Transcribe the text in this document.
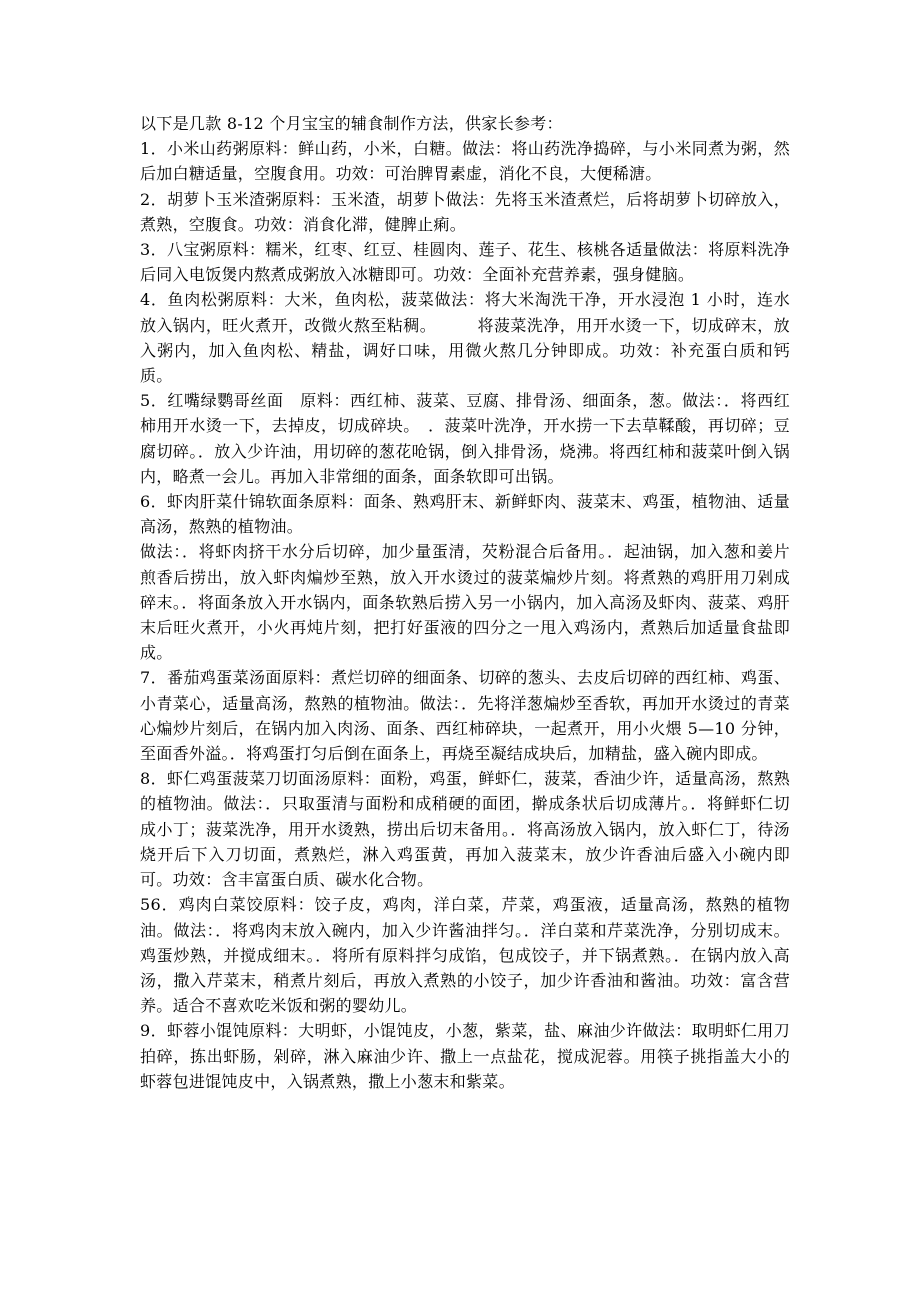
以下是几款 8-12 个月宝宝的辅食制作方法，供家长参考：

1．小米山药粥原料：鲜山药，小米，白糖。做法：将山药洗净捣碎，与小米同煮为粥，然后加白糖适量，空腹食用。功效：可治脾胃素虚，消化不良，大便稀溏。

2．胡萝卜玉米渣粥原料：玉米渣，胡萝卜做法：先将玉米渣煮烂，后将胡萝卜切碎放入，煮熟，空腹食。功效：消食化滞，健脾止痢。

3．八宝粥原料：糯米，红枣、红豆、桂圆肉、莲子、花生、核桃各适量做法：将原料洗净后同入电饭煲内熬煮成粥放入冰糖即可。功效：全面补充营养素，强身健脑。

4．鱼肉松粥原料：大米，鱼肉松，菠菜做法：将大米淘洗干净，开水浸泡 1 小时，连水放入锅内，旺火煮开，改微火熬至粘稠。　　　将菠菜洗净，用开水烫一下，切成碎末，放入粥内，加入鱼肉松、精盐，调好口味，用微火熬几分钟即成。功效：补充蛋白质和钙质。

5．红嘴绿鹦哥丝面　原料：西红柿、菠菜、豆腐、排骨汤、细面条，葱。做法：．将西红柿用开水烫一下，去掉皮，切成碎块。　．菠菜叶洗净，开水捞一下去草鞣酸，再切碎；豆腐切碎。．放入少许油，用切碎的葱花呛锅，倒入排骨汤，烧沸。将西红柿和菠菜叶倒入锅内，略煮一会儿。再加入非常细的面条，面条软即可出锅。

6．虾肉肝菜什锦软面条原料：面条、熟鸡肝末、新鲜虾肉、菠菜末、鸡蛋，植物油、适量高汤，熬熟的植物油。

做法：．将虾肉挤干水分后切碎，加少量蛋清，芡粉混合后备用。．起油锅，加入葱和姜片煎香后捞出，放入虾肉煸炒至熟，放入开水烫过的菠菜煸炒片刻。将煮熟的鸡肝用刀剁成碎末。．将面条放入开水锅内，面条软熟后捞入另一小锅内，加入高汤及虾肉、菠菜、鸡肝末后旺火煮开，小火再炖片刻，把打好蛋液的四分之一甩入鸡汤内，煮熟后加适量食盐即成。

7．番茄鸡蛋菜汤面原料：煮烂切碎的细面条、切碎的葱头、去皮后切碎的西红柿、鸡蛋、小青菜心，适量高汤，熬熟的植物油。做法：．先将洋葱煸炒至香软，再加开水烫过的青菜心煸炒片刻后，在锅内加入肉汤、面条、西红柿碎块，一起煮开，用小火煨 5—10 分钟，至面香外溢。．将鸡蛋打匀后倒在面条上，再烧至凝结成块后，加精盐，盛入碗内即成。

8．虾仁鸡蛋菠菜刀切面汤原料：面粉，鸡蛋，鲜虾仁，菠菜，香油少许，适量高汤，熬熟的植物油。做法：．只取蛋清与面粉和成稍硬的面团，擀成条状后切成薄片。．将鲜虾仁切成小丁；菠菜洗净，用开水烫熟，捞出后切末备用。．将高汤放入锅内，放入虾仁丁，待汤烧开后下入刀切面，煮熟烂，淋入鸡蛋黄，再加入菠菜末，放少许香油后盛入小碗内即可。功效：含丰富蛋白质、碳水化合物。

56．鸡肉白菜饺原料：饺子皮，鸡肉，洋白菜，芹菜，鸡蛋液，适量高汤，熬熟的植物油。做法：．将鸡肉末放入碗内，加入少许酱油拌匀。．洋白菜和芹菜洗净，分别切成末。鸡蛋炒熟，并搅成细末。．将所有原料拌匀成馅，包成饺子，并下锅煮熟。．在锅内放入高汤，撒入芹菜末，稍煮片刻后，再放入煮熟的小饺子，加少许香油和酱油。功效：富含营养。适合不喜欢吃米饭和粥的婴幼儿。

9．虾蓉小馄饨原料：大明虾，小馄饨皮，小葱，紫菜，盐、麻油少许做法：取明虾仁用刀拍碎，拣出虾肠，剁碎，淋入麻油少许、撒上一点盐花，搅成泥蓉。用筷子挑指盖大小的虾蓉包进馄饨皮中，入锅煮熟，撒上小葱末和紫菜。
